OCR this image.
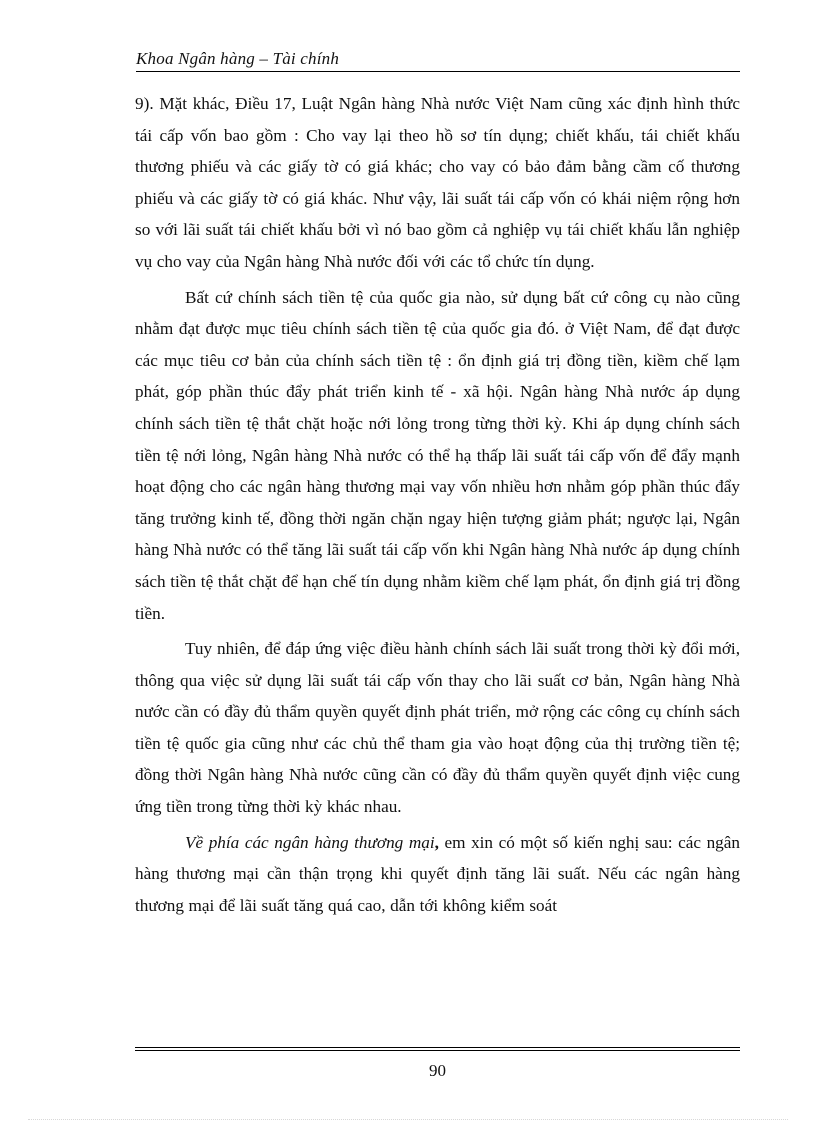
Khoa Ngân hàng – Tài chính

9). Mặt khác, Điều 17, Luật Ngân hàng Nhà nước Việt Nam cũng xác định hình thức tái cấp vốn bao gồm : Cho vay lại theo hồ sơ tín dụng; chiết khấu, tái chiết khấu thương phiếu và các giấy tờ có giá khác; cho vay có bảo đảm bằng cầm cố thương phiếu và các giấy tờ có giá khác. Như vậy, lãi suất tái cấp vốn có khái niệm rộng hơn so với lãi suất tái chiết khấu bởi vì nó bao gồm cả nghiệp vụ tái chiết khấu lẫn nghiệp vụ cho vay của Ngân hàng Nhà nước đối với các tổ chức tín dụng.

Bất cứ chính sách tiền tệ của quốc gia nào, sử dụng bất cứ công cụ nào cũng nhằm đạt được mục tiêu chính sách tiền tệ của quốc gia đó. ở Việt Nam, để đạt được các mục tiêu cơ bản của chính sách tiền tệ : ổn định giá trị đồng tiền, kiềm chế lạm phát, góp phần thúc đẩy phát triển kinh tế - xã hội. Ngân hàng Nhà nước áp dụng chính sách tiền tệ thắt chặt hoặc nới lỏng trong từng thời kỳ. Khi áp dụng chính sách tiền tệ nới lỏng, Ngân hàng Nhà nước có thể hạ thấp lãi suất tái cấp vốn để đẩy mạnh hoạt động cho các ngân hàng thương mại vay vốn nhiều hơn nhằm góp phần thúc đẩy tăng trưởng kinh tế, đồng thời ngăn chặn ngay hiện tượng giảm phát; ngược lại, Ngân hàng Nhà nước có thể tăng lãi suất tái cấp vốn khi Ngân hàng Nhà nước áp dụng chính sách tiền tệ thắt chặt để hạn chế tín dụng nhằm kiềm chế lạm phát, ổn định giá trị đồng tiền.

Tuy nhiên, để đáp ứng việc điều hành chính sách lãi suất trong thời kỳ đổi mới, thông qua việc sử dụng lãi suất tái cấp vốn thay cho lãi suất cơ bản, Ngân hàng Nhà nước cần có đầy đủ thẩm quyền quyết định phát triển, mở rộng các công cụ chính sách tiền tệ quốc gia cũng như các chủ thể tham gia vào hoạt động của thị trường tiền tệ; đồng thời Ngân hàng Nhà nước cũng cần có đầy đủ thẩm quyền quyết định việc cung ứng tiền trong từng thời kỳ khác nhau.

Về phía các ngân hàng thương mại, em xin có một số kiến nghị sau: các ngân hàng thương mại cần thận trọng khi quyết định tăng lãi suất. Nếu các ngân hàng thương mại để lãi suất tăng quá cao, dẫn tới không kiểm soát

90
